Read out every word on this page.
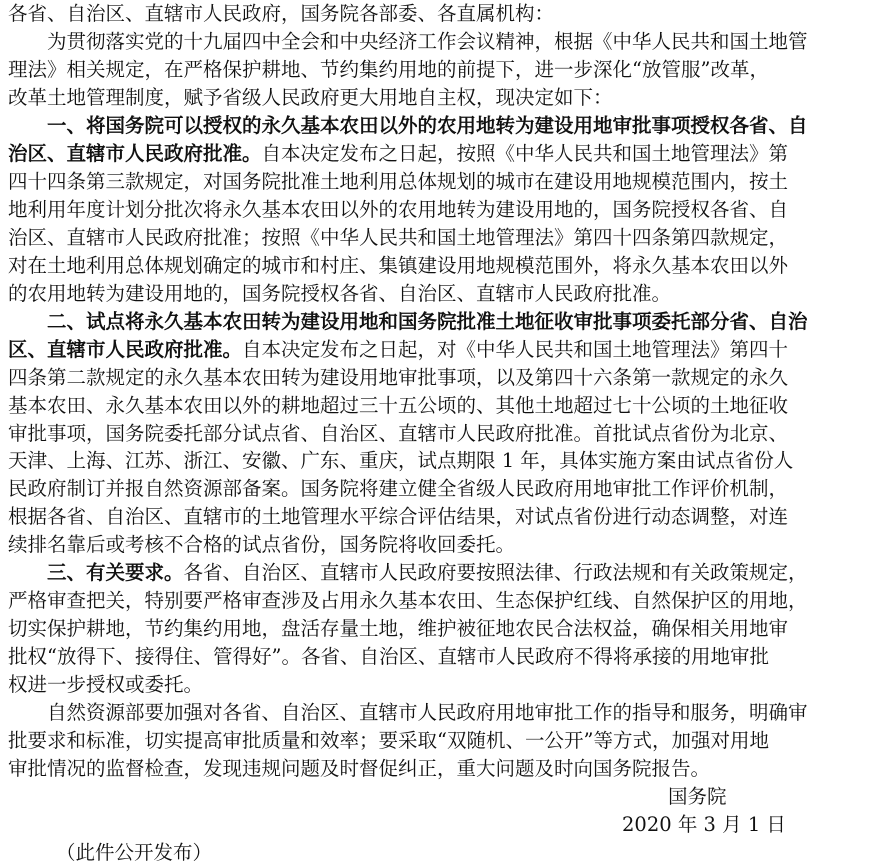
各省、自治区、直辖市人民政府，国务院各部委、各直属机构：
为贯彻落实党的十九届四中全会和中央经济工作会议精神，根据《中华人民共和国土地管
理法》相关规定，在严格保护耕地、节约集约用地的前提下，进一步深化“放管服”改革，
改革土地管理制度，赋予省级人民政府更大用地自主权，现决定如下：
一、将国务院可以授权的永久基本农田以外的农用地转为建设用地审批事项授权各省、自
治区、直辖市人民政府批准。自本决定发布之日起，按照《中华人民共和国土地管理法》第
四十四条第三款规定，对国务院批准土地利用总体规划的城市在建设用地规模范围内，按土
地利用年度计划分批次将永久基本农田以外的农用地转为建设用地的，国务院授权各省、自
治区、直辖市人民政府批准；按照《中华人民共和国土地管理法》第四十四条第四款规定，
对在土地利用总体规划确定的城市和村庄、集镇建设用地规模范围外，将永久基本农田以外
的农用地转为建设用地的，国务院授权各省、自治区、直辖市人民政府批准。
二、试点将永久基本农田转为建设用地和国务院批准土地征收审批事项委托部分省、自治
区、直辖市人民政府批准。自本决定发布之日起，对《中华人民共和国土地管理法》第四十
四条第二款规定的永久基本农田转为建设用地审批事项，以及第四十六条第一款规定的永久
基本农田、永久基本农田以外的耕地超过三十五公顷的、其他土地超过七十公顷的土地征收
审批事项，国务院委托部分试点省、自治区、直辖市人民政府批准。首批试点省份为北京、
天津、上海、江苏、浙江、安徽、广东、重庆，试点期限 1 年，具体实施方案由试点省份人
民政府制订并报自然资源部备案。国务院将建立健全省级人民政府用地审批工作评价机制，
根据各省、自治区、直辖市的土地管理水平综合评估结果，对试点省份进行动态调整，对连
续排名靠后或考核不合格的试点省份，国务院将收回委托。
三、有关要求。各省、自治区、直辖市人民政府要按照法律、行政法规和有关政策规定，
严格审查把关，特别要严格审查涉及占用永久基本农田、生态保护红线、自然保护区的用地，
切实保护耕地，节约集约用地，盘活存量土地，维护被征地农民合法权益，确保相关用地审
批权“放得下、接得住、管得好”。各省、自治区、直辖市人民政府不得将承接的用地审批
权进一步授权或委托。
自然资源部要加强对各省、自治区、直辖市人民政府用地审批工作的指导和服务，明确审
批要求和标准，切实提高审批质量和效率；要采取“双随机、一公开”等方式，加强对用地
审批情况的监督检查，发现违规问题及时督促纠正，重大问题及时向国务院报告。
国务院
2020 年 3 月 1 日
（此件公开发布）
